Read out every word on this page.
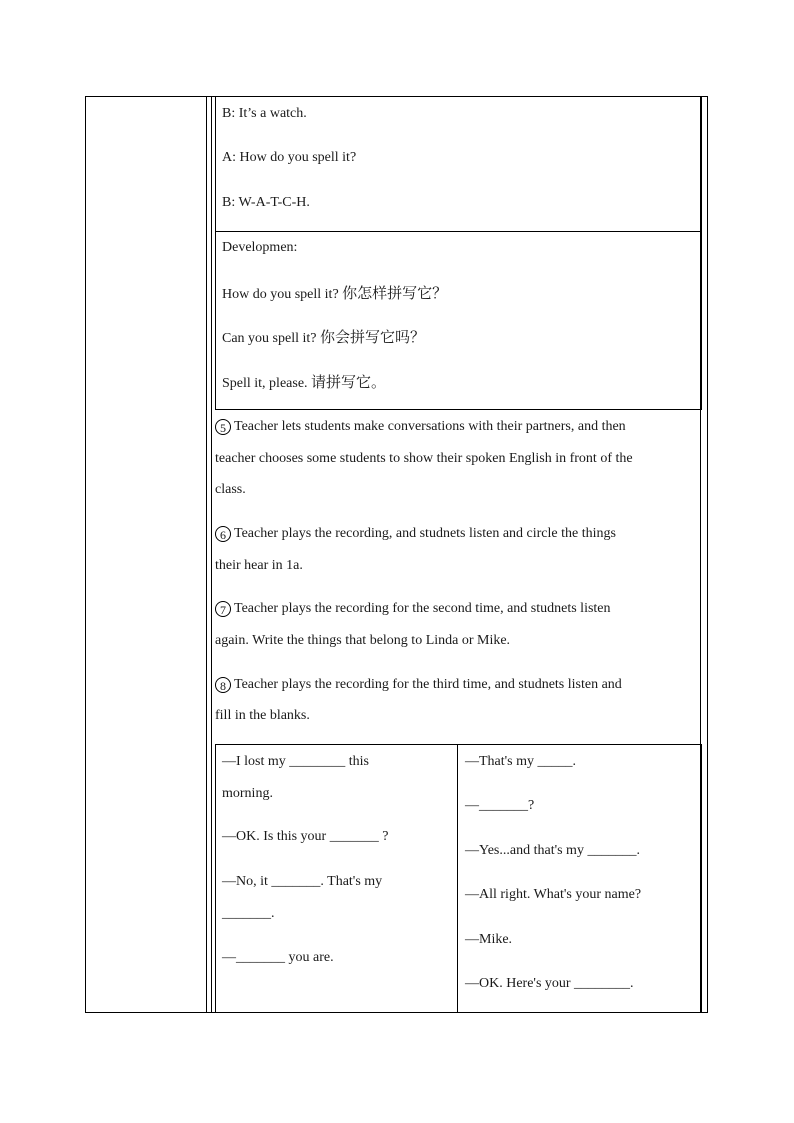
B: It’s a watch.
A: How do you spell it?
B: W-A-T-C-H.
Developmen:
How do you spell it? 你怎样拼写它？
Can you spell it? 你会拼写它吗？
Spell it, please. 请拼写它。
5 Teacher lets students make conversations with their partners, and then
teacher chooses some students to show their spoken English in front of the
class.
6 Teacher plays the recording, and studnets listen and circle the things
their hear in 1a.
7 Teacher plays the recording for the second time, and studnets listen
again. Write the things that belong to Linda or Mike.
8 Teacher plays the recording for the third time, and studnets listen and
fill in the blanks.
—I lost my ________ this
morning.
—OK. Is this your _______ ?
—No, it _______. That's my
_______.
—_______ you are.
—That's my _____.
—_______?
—Yes...and that's my _______.
—All right. What's your name?
—Mike.
—OK. Here's your ________.
